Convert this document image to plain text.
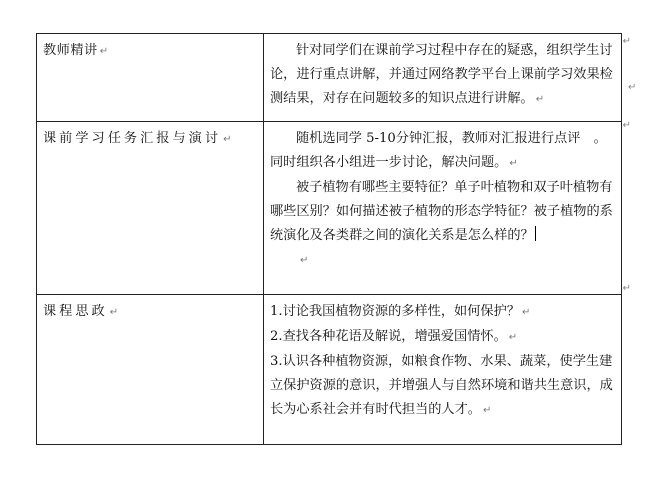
教师精讲 ↵	针对同学们在课前学习过程中存在的疑惑，组织学生讨论，进行重点讲解，并通过网络教学平台上课前学习效果检测结果，对存在问题较多的知识点进行讲解。 ↵

课前学习任务汇报与演讨 ↵	随机选同学 5-10分钟汇报，教师对汇报进行点评　。同时组织各小组进一步讨论，解决问题。 ↵

被子植物有哪些主要特征？单子叶植物和双子叶植物有哪些区别？如何描述被子植物的形态学特征？被子植物的系统演化及各类群之间的演化关系是怎么样的？

↵

课程思政 ↵	1.讨论我国植物资源的多样性，如何保护？ ↵

2.查找各种花语及解说，增强爱国情怀。 ↵

3.认识各种植物资源，如粮食作物、水果、蔬菜，使学生建立保护资源的意识，并增强人与自然环境和谐共生意识，成长为心系社会并有时代担当的人才。 ↵

↵
↵
↵
↵
